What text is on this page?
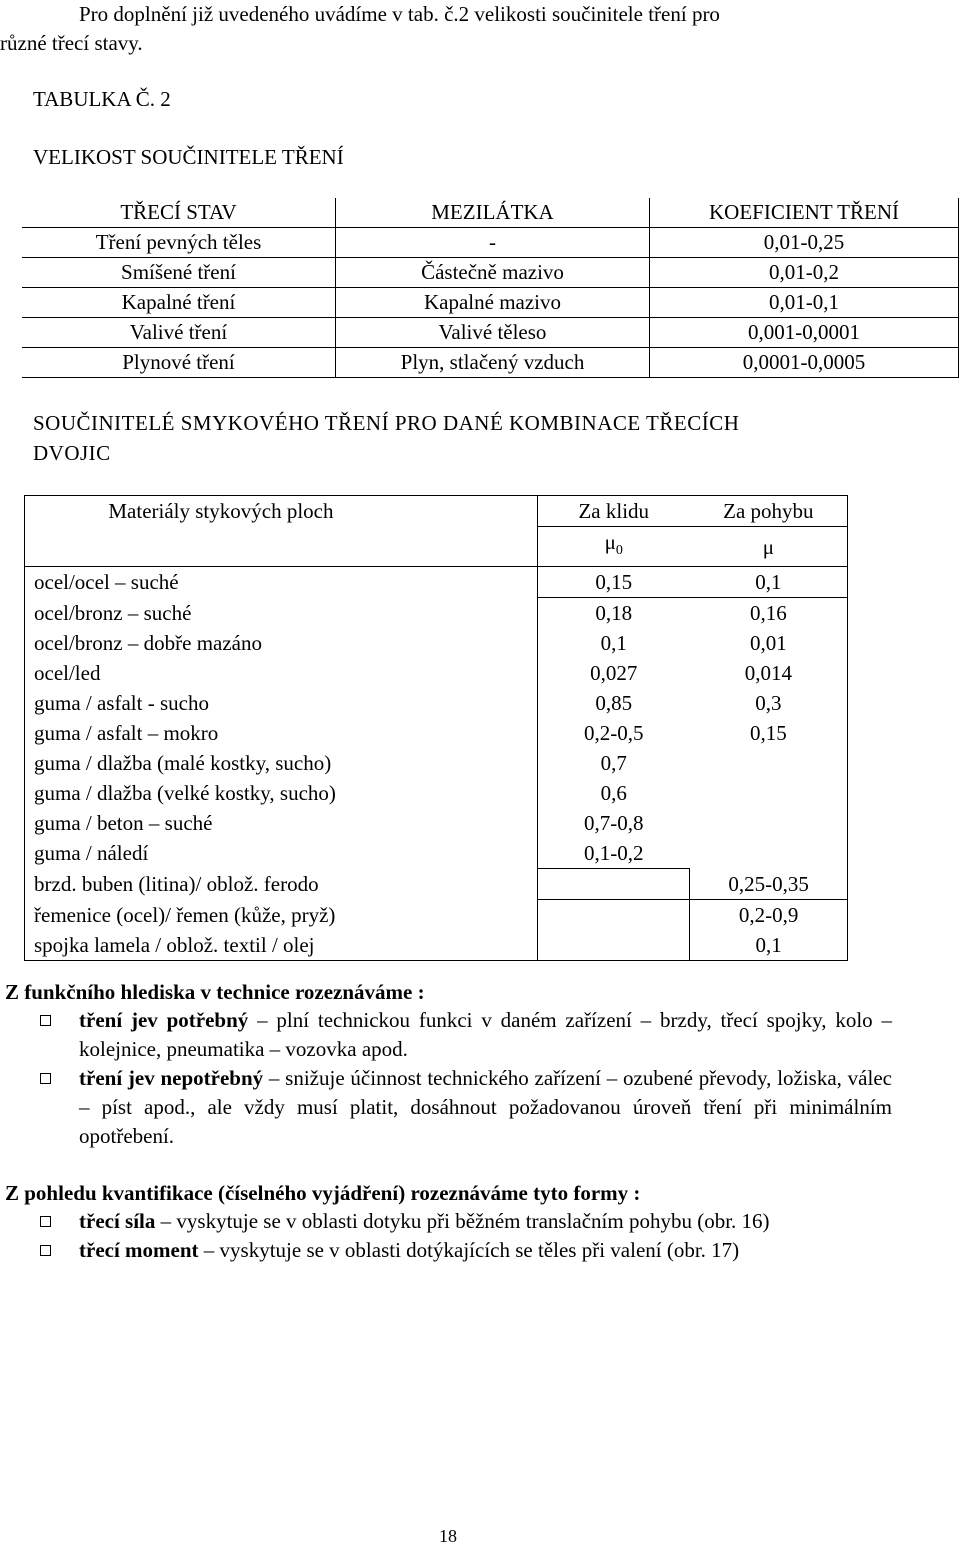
Pro doplnění již uvedeného uvádíme v tab. č.2 velikosti součinitele tření pro
různé třecí stavy.
TABULKA Č. 2
VELIKOST SOUČINITELE TŘENÍ
TŘECÍ STAV	MEZILÁTKA	KOEFICIENT TŘENÍ
Tření pevných těles	-	0,01-0,25
Smíšené tření	Částečně mazivo	0,01-0,2
Kapalné tření	Kapalné mazivo	0,01-0,1
Valivé tření	Valivé těleso	0,001-0,0001
Plynové tření	Plyn, stlačený vzduch	0,0001-0,0005
SOUČINITELÉ SMYKOVÉHO TŘENÍ PRO DANÉ KOMBINACE TŘECÍCH
DVOJIC
Materiály stykových ploch	Za klidu	Za pohybu
	$\mu_0$	μ
ocel/ocel – suché	0,15	0,1
ocel/bronz – suché	0,18	0,16
ocel/bronz – dobře mazáno	0,1	0,01
ocel/led	0,027	0,014
guma / asfalt - sucho	0,85	0,3
guma / asfalt – mokro	0,2-0,5	0,15
guma / dlažba (malé kostky, sucho)	0,7	
guma / dlažba (velké kostky, sucho)	0,6	
guma / beton – suché	0,7-0,8	
guma / náledí	0,1-0,2	
brzd. buben (litina)/ oblož. ferodo		0,25-0,35
řemenice (ocel)/ řemen (kůže, pryž)		0,2-0,9
spojka lamela / oblož. textil / olej		0,1
Z funkčního hlediska v technice rozeznáváme :
tření jev potřebný – plní technickou funkci v daném zařízení – brzdy, třecí spojky, kolo – kolejnice, pneumatika – vozovka apod.
tření jev nepotřebný – snižuje účinnost technického zařízení – ozubené převody, ložiska, válec – píst apod., ale vždy musí platit, dosáhnout požadovanou úroveň tření při minimálním opotřebení.
Z pohledu kvantifikace (číselného vyjádření) rozeznáváme tyto formy :
třecí síla – vyskytuje se v oblasti dotyku při běžném translačním pohybu (obr. 16)
třecí moment – vyskytuje se v oblasti dotýkajících se těles při valení (obr. 17)
18
